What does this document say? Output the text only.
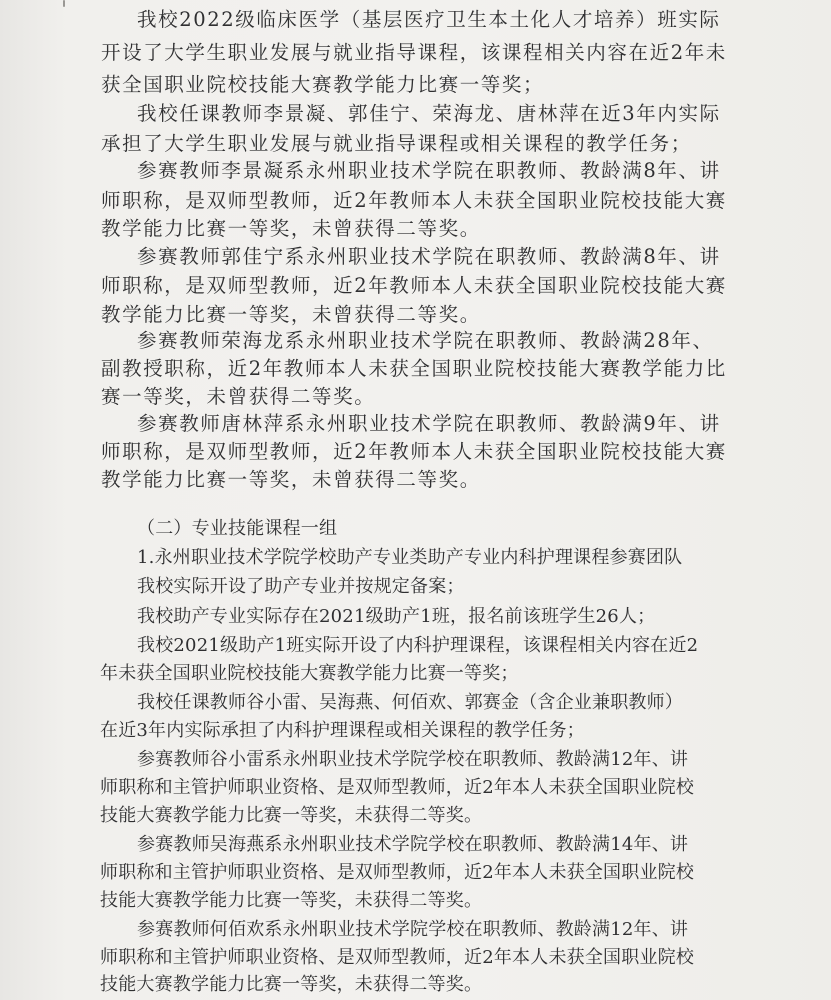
我校2022级临床医学（基层医疗卫生本土化人才培养）班实际
开设了大学生职业发展与就业指导课程，该课程相关内容在近2年未
获全国职业院校技能大赛教学能力比赛一等奖；
我校任课教师李景凝、郭佳宁、荣海龙、唐林萍在近3年内实际
承担了大学生职业发展与就业指导课程或相关课程的教学任务；
参赛教师李景凝系永州职业技术学院在职教师、教龄满8年、讲
师职称，是双师型教师，近2年教师本人未获全国职业院校技能大赛
教学能力比赛一等奖，未曾获得二等奖。
参赛教师郭佳宁系永州职业技术学院在职教师、教龄满8年、讲
师职称，是双师型教师，近2年教师本人未获全国职业院校技能大赛
教学能力比赛一等奖，未曾获得二等奖。
参赛教师荣海龙系永州职业技术学院在职教师、教龄满28年、
副教授职称，近2年教师本人未获全国职业院校技能大赛教学能力比
赛一等奖，未曾获得二等奖。
参赛教师唐林萍系永州职业技术学院在职教师、教龄满9年、讲
师职称，是双师型教师，近2年教师本人未获全国职业院校技能大赛
教学能力比赛一等奖，未曾获得二等奖。
（二）专业技能课程一组
1.永州职业技术学院学校助产专业类助产专业内科护理课程参赛团队
我校实际开设了助产专业并按规定备案；
我校助产专业实际存在2021级助产1班，报名前该班学生26人；
我校2021级助产1班实际开设了内科护理课程，该课程相关内容在近2
年未获全国职业院校技能大赛教学能力比赛一等奖；
我校任课教师谷小雷、吴海燕、何佰欢、郭赛金（含企业兼职教师）
在近3年内实际承担了内科护理课程或相关课程的教学任务；
参赛教师谷小雷系永州职业技术学院学校在职教师、教龄满12年、讲
师职称和主管护师职业资格、是双师型教师，近2年本人未获全国职业院校
技能大赛教学能力比赛一等奖，未获得二等奖。
参赛教师吴海燕系永州职业技术学院学校在职教师、教龄满14年、讲
师职称和主管护师职业资格、是双师型教师，近2年本人未获全国职业院校
技能大赛教学能力比赛一等奖，未获得二等奖。
参赛教师何佰欢系永州职业技术学院学校在职教师、教龄满12年、讲
师职称和主管护师职业资格、是双师型教师，近2年本人未获全国职业院校
技能大赛教学能力比赛一等奖，未获得二等奖。
